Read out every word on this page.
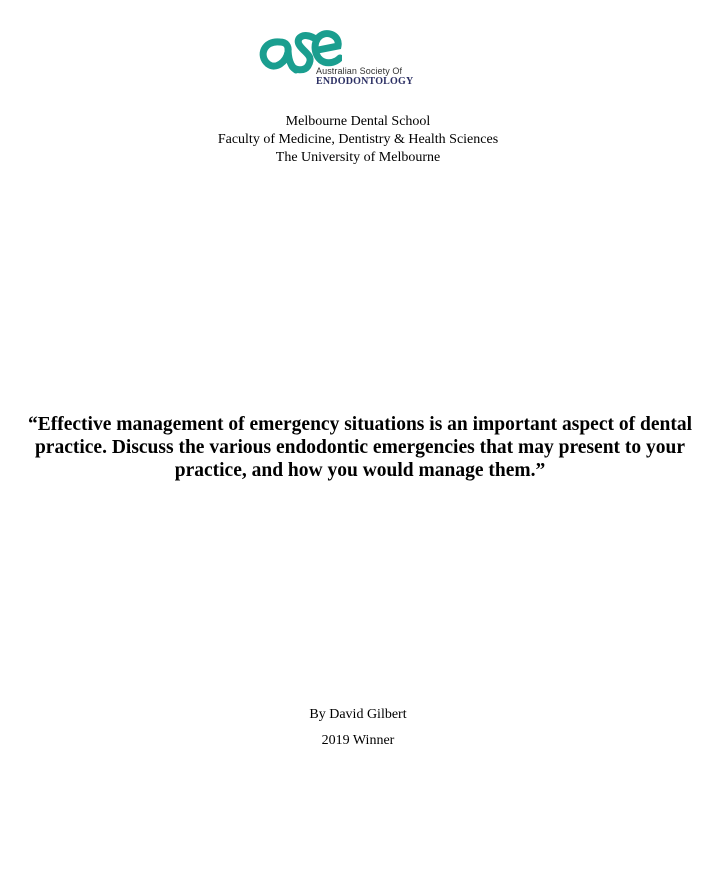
Australian Society Of
ENDODONTOLOGY
Melbourne Dental School
Faculty of Medicine, Dentistry & Health Sciences
The University of Melbourne
“Effective management of emergency situations is an important aspect of dental practice. Discuss the various endodontic emergencies that may present to your practice, and how you would manage them.”
By David Gilbert
2019 Winner
